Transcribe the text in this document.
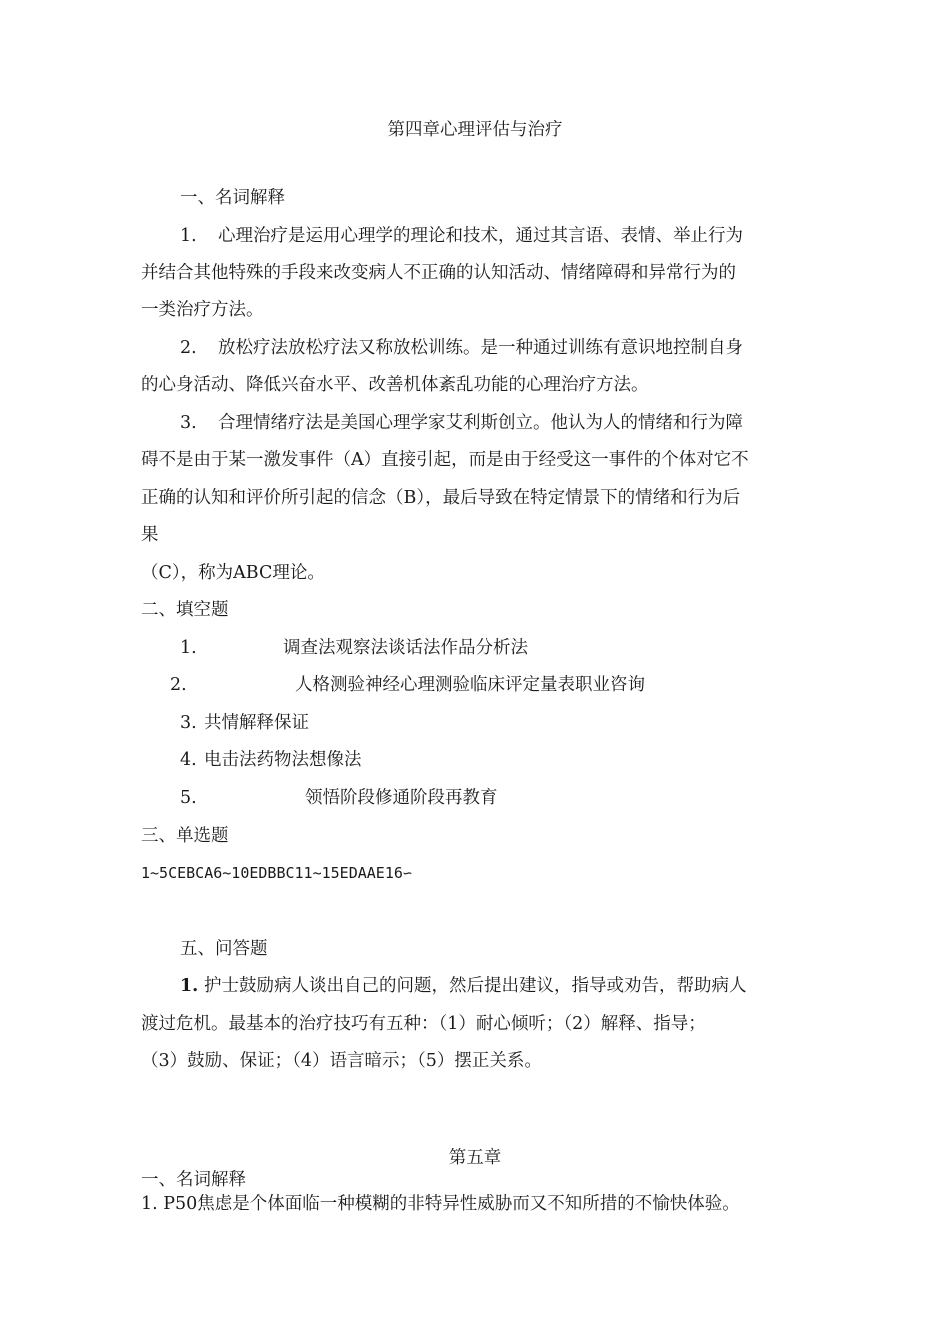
第四章心理评估与治疗
一、名词解释
1. 心理治疗是运用心理学的理论和技术，通过其言语、表情、举止行为
并结合其他特殊的手段来改变病人不正确的认知活动、情绪障碍和异常行为的
一类治疗方法。
2. 放松疗法放松疗法又称放松训练。是一种通过训练有意识地控制自身
的心身活动、降低兴奋水平、改善机体紊乱功能的心理治疗方法。
3. 合理情绪疗法是美国心理学家艾利斯创立。他认为人的情绪和行为障
碍不是由于某一激发事件（A）直接引起，而是由于经受这一事件的个体对它不
正确的认知和评价所引起的信念（B），最后导致在特定情景下的情绪和行为后
果
（C），称为ABC理论。
二、填空题
1.	调查法观察法谈话法作品分析法
2.	人格测验神经心理测验临床评定量表职业咨询
3. 共情解释保证
4. 电击法药物法想像法
5.	领悟阶段修通阶段再教育
三、单选题
1~5CEBCA6~10EDBBC11~15EDAAE16∽
五、问答题
1. 护士鼓励病人谈出自己的问题，然后提出建议，指导或劝告，帮助病人
渡过危机。最基本的治疗技巧有五种：（1）耐心倾听；（2）解释、指导；
（3）鼓励、保证；（4）语言暗示；（5）摆正关系。
第五章
一、名词解释
1. P50焦虑是个体面临一种模糊的非特异性威胁而又不知所措的不愉快体验。
